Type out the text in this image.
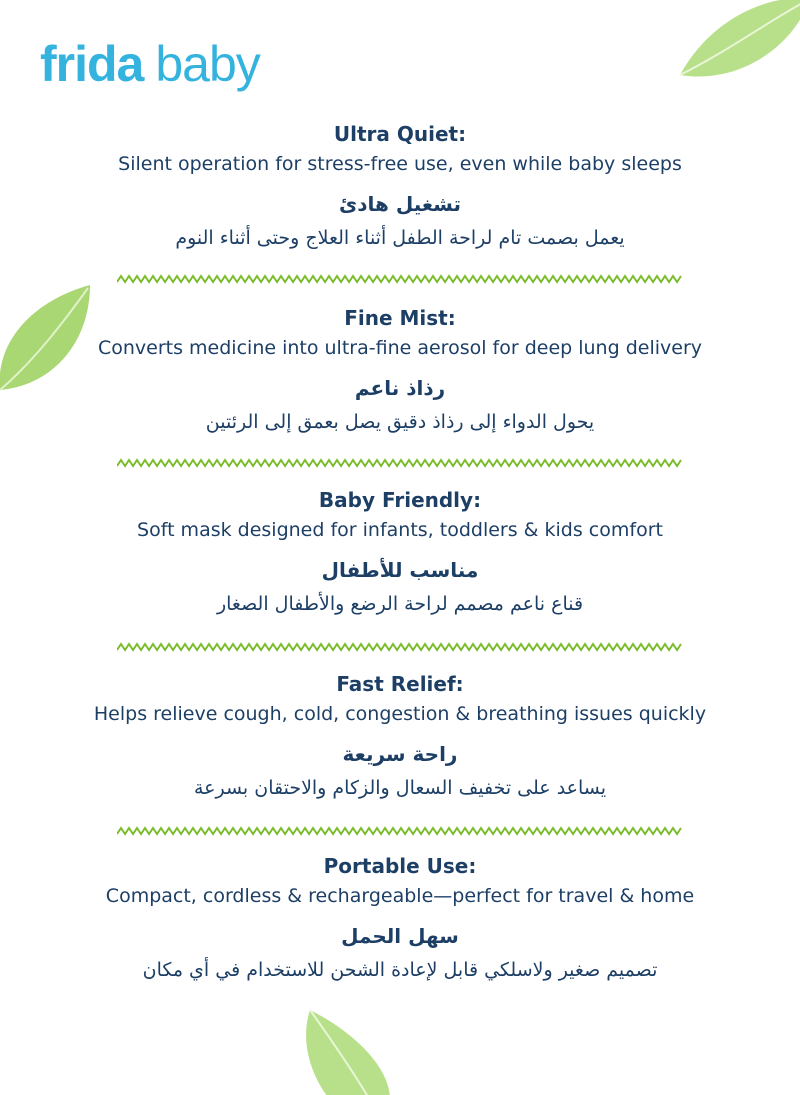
frida baby
Ultra Quiet:
Silent operation for stress-free use, even while baby sleeps
تشغيل هادئ
يعمل بصمت تام لراحة الطفل أثناء العلاج وحتى أثناء النوم
Fine Mist:
Converts medicine into ultra-fine aerosol for deep lung delivery
رذاذ ناعم
يحول الدواء إلى رذاذ دقيق يصل بعمق إلى الرئتين
Baby Friendly:
Soft mask designed for infants, toddlers & kids comfort
مناسب للأطفال
قناع ناعم مصمم لراحة الرضع والأطفال الصغار
Fast Relief:
Helps relieve cough, cold, congestion & breathing issues quickly
راحة سريعة
يساعد على تخفيف السعال والزكام والاحتقان بسرعة
Portable Use:
Compact, cordless & rechargeable—perfect for travel & home
سهل الحمل
تصميم صغير ولاسلكي قابل لإعادة الشحن للاستخدام في أي مكان
